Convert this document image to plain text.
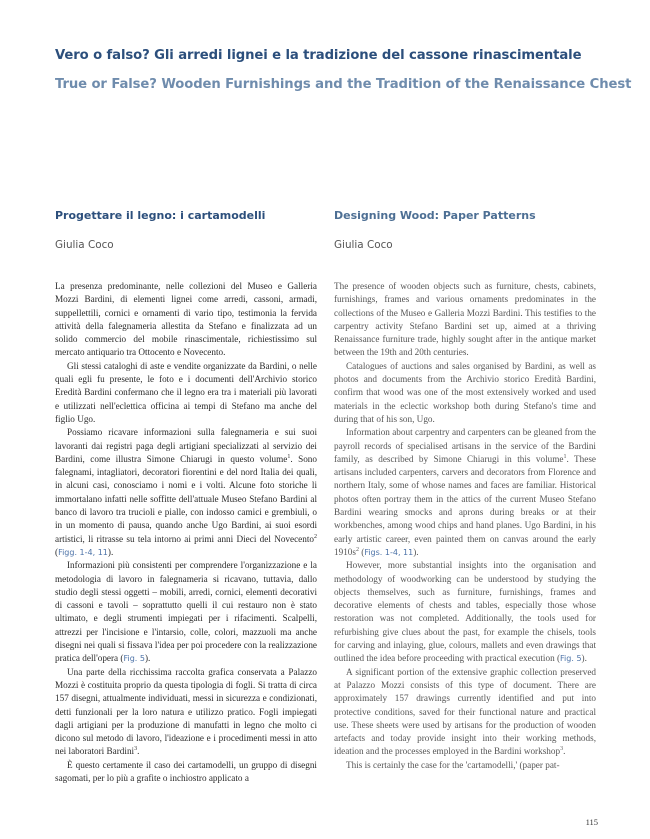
Vero o falso? Gli arredi lignei e la tradizione del cassone rinascimentale
True or False? Wooden Furnishings and the Tradition of the Renaissance Chest
Progettare il legno: i cartamodelli
Giulia Coco

La presenza predominante, nelle collezioni del Museo e Galleria Mozzi Bardini, di elementi lignei come arredi, cassoni, armadi, suppellettili, cornici e ornamenti di vario tipo, testimonia la fervida attività della falegnameria allestita da Stefano e finalizzata ad un solido commercio del mobile rinascimentale, richiestissimo sul mercato antiquario tra Ottocento e Novecento.

Gli stessi cataloghi di aste e vendite organizzate da Bardini, o nelle quali egli fu presente, le foto e i documenti dell'Archivio storico Eredità Bardini confermano che il legno era tra i materiali più lavorati e utilizzati nell'eclettica officina ai tempi di Stefano ma anche del figlio Ugo.

Possiamo ricavare informazioni sulla falegnameria e sui suoi lavoranti dai registri paga degli artigiani specializzati al servizio dei Bardini, come illustra Simone Chiarugi in questo volume$^1$. Sono falegnami, intagliatori, decoratori fiorentini e del nord Italia dei quali, in alcuni casi, conosciamo i nomi e i volti. Alcune foto storiche li immortalano infatti nelle soffitte dell'attuale Museo Stefano Bardini al banco di lavoro tra trucioli e pialle, con indosso camici e grembiuli, o in un momento di pausa, quando anche Ugo Bardini, ai suoi esordi artistici, li ritrasse su tela intorno ai primi anni Dieci del Novecento$^2$ (Figg. 1-4, 11).

Informazioni più consistenti per comprendere l'organizzazione e la metodologia di lavoro in falegnameria si ricavano, tuttavia, dallo studio degli stessi oggetti – mobili, arredi, cornici, elementi decorativi di cassoni e tavoli – soprattutto quelli il cui restauro non è stato ultimato, e degli strumenti impiegati per i rifacimenti. Scalpelli, attrezzi per l'incisione e l'intarsio, colle, colori, mazzuoli ma anche disegni nei quali si fissava l'idea per poi procedere con la realizzazione pratica dell'opera (Fig. 5).

Una parte della ricchissima raccolta grafica conservata a Palazzo Mozzi è costituita proprio da questa tipologia di fogli. Si tratta di circa 157 disegni, attualmente individuati, messi in sicurezza e condizionati, detti funzionali per la loro natura e utilizzo pratico. Fogli impiegati dagli artigiani per la produzione di manufatti in legno che molto ci dicono sul metodo di lavoro, l'ideazione e i procedimenti messi in atto nei laboratori Bardini$^3$.

È questo certamente il caso dei cartamodelli, un gruppo di disegni sagomati, per lo più a grafite o inchiostro applicato a

Designing Wood: Paper Patterns
Giulia Coco

The presence of wooden objects such as furniture, chests, cabinets, furnishings, frames and various ornaments predominates in the collections of the Museo e Galleria Mozzi Bardini. This testifies to the carpentry activity Stefano Bardini set up, aimed at a thriving Renaissance furniture trade, highly sought after in the antique market between the 19th and 20th centuries.

Catalogues of auctions and sales organised by Bardini, as well as photos and documents from the Archivio storico Eredità Bardini, confirm that wood was one of the most extensively worked and used materials in the eclectic workshop both during Stefano's time and during that of his son, Ugo.

Information about carpentry and carpenters can be gleaned from the payroll records of specialised artisans in the service of the Bardini family, as described by Simone Chiarugi in this volume$^1$. These artisans included carpenters, carvers and decorators from Florence and northern Italy, some of whose names and faces are familiar. Historical photos often portray them in the attics of the current Museo Stefano Bardini wearing smocks and aprons during breaks or at their workbenches, among wood chips and hand planes. Ugo Bardini, in his early artistic career, even painted them on canvas around the early $1910s^2$ (Figs. 1-4, 11).

However, more substantial insights into the organisation and methodology of woodworking can be understood by studying the objects themselves, such as furniture, furnishings, frames and decorative elements of chests and tables, especially those whose restoration was not completed. Additionally, the tools used for refurbishing give clues about the past, for example the chisels, tools for carving and inlaying, glue, colours, mallets and even drawings that outlined the idea before proceeding with practical execution (Fig. 5).

A significant portion of the extensive graphic collection preserved at Palazzo Mozzi consists of this type of document. There are approximately 157 drawings currently identified and put into protective conditions, saved for their functional nature and practical use. These sheets were used by artisans for the production of wooden artefacts and today provide insight into their working methods, ideation and the processes employed in the Bardini workshop$^3$.

This is certainly the case for the 'cartamodelli,' (paper pat-

115
